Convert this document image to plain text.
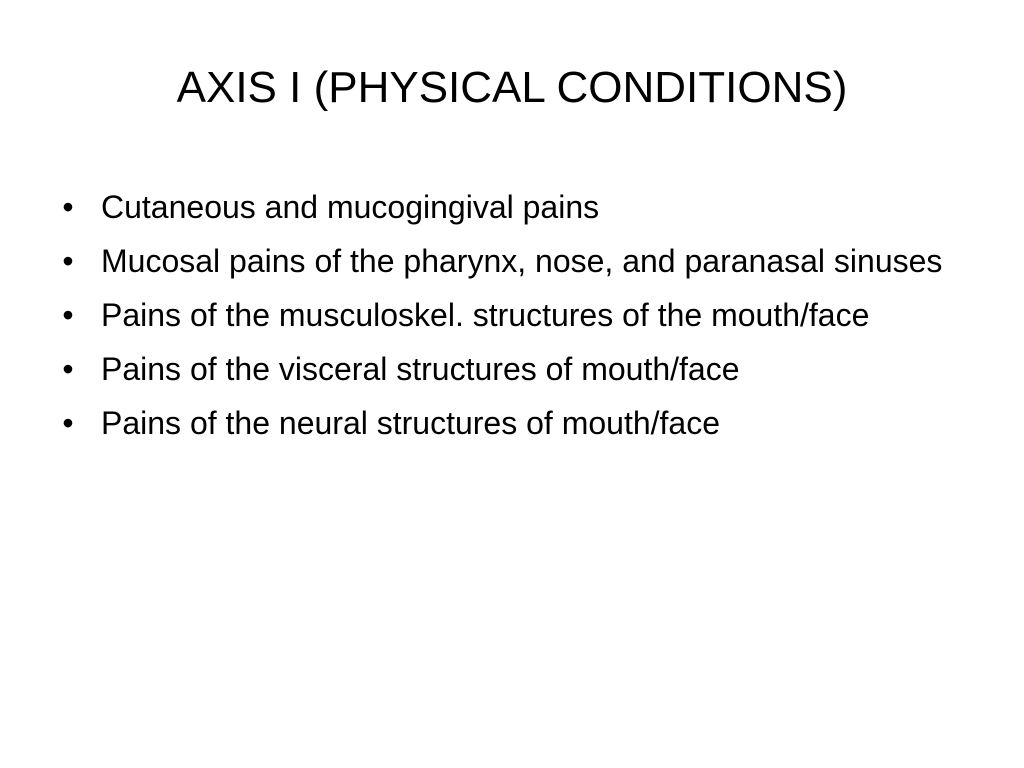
AXIS I (PHYSICAL CONDITIONS)
• Cutaneous and mucogingival pains
• Mucosal pains of the pharynx, nose, and paranasal sinuses
• Pains of the musculoskel. structures of the mouth/face
• Pains of the visceral structures of mouth/face
• Pains of the neural structures of mouth/face
